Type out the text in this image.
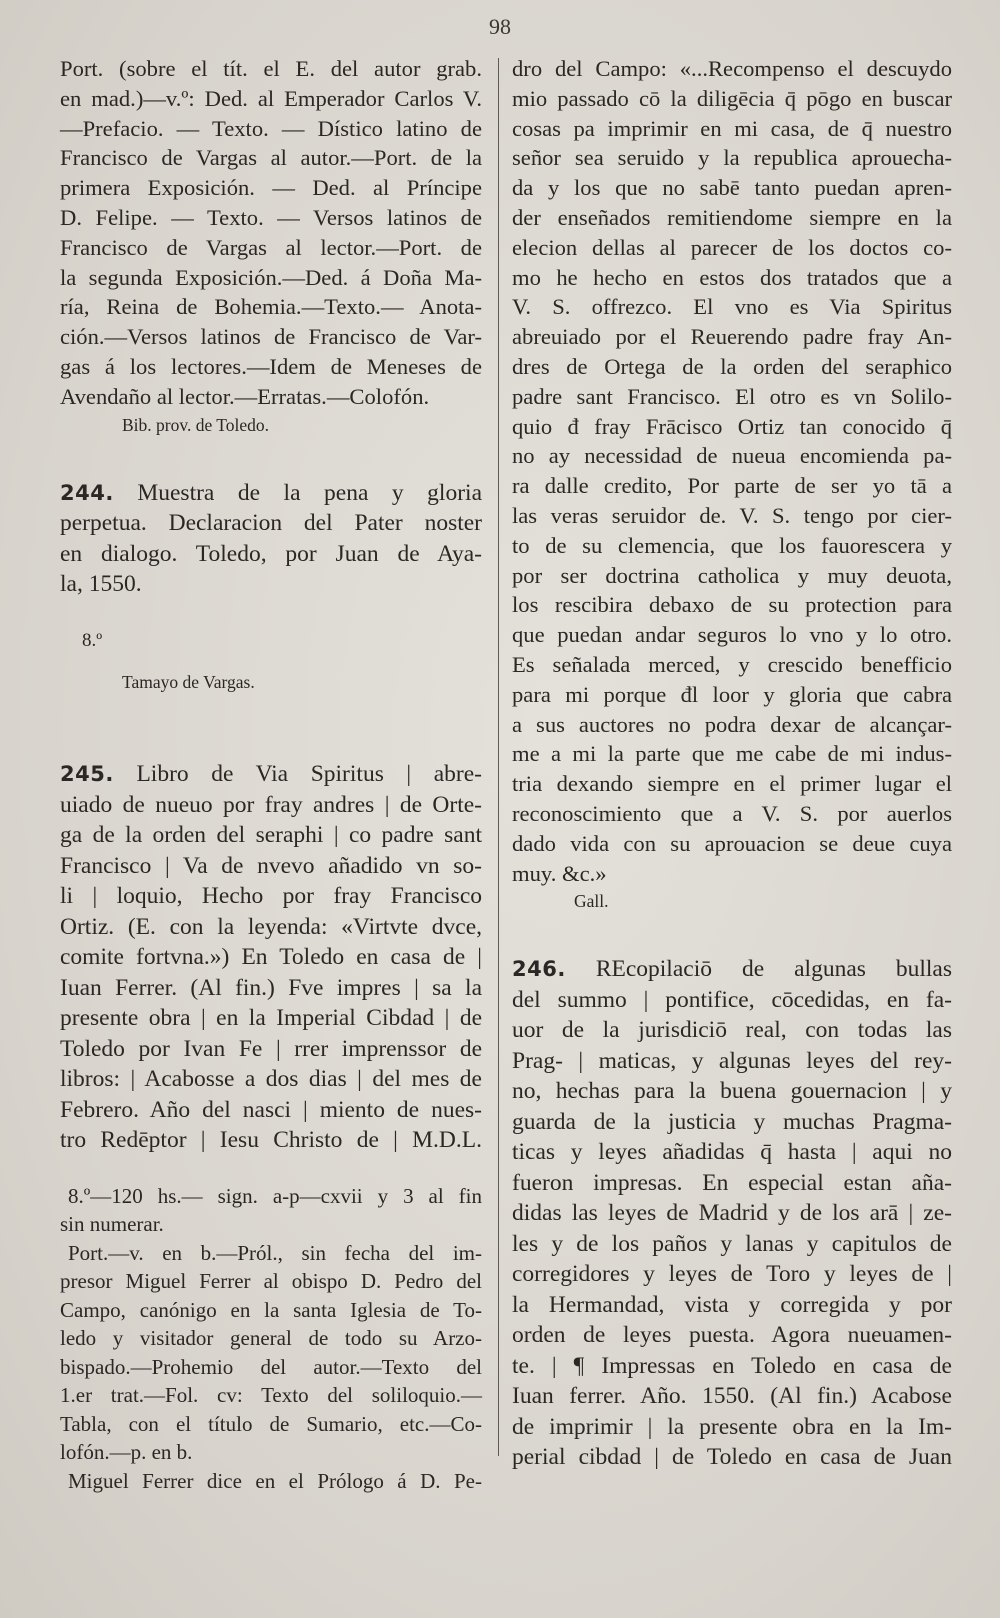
98
Port. (sobre el tít. el E. del autor grab.
en mad.)—v.º: Ded. al Emperador Carlos V.
—Prefacio. — Texto. — Dístico latino de
Francisco de Vargas al autor.—Port. de la
primera Exposición. — Ded. al Príncipe
D. Felipe. — Texto. — Versos latinos de
Francisco de Vargas al lector.—Port. de
la segunda Exposición.—Ded. á Doña Ma-
ría, Reina de Bohemia.—Texto.— Anota-
ción.—Versos latinos de Francisco de Var-
gas á los lectores.—Idem de Meneses de
Avendaño al lector.—Erratas.—Colofón.
Bib. prov. de Toledo.
244. Muestra de la pena y gloria
perpetua. Declaracion del Pater noster
en dialogo. Toledo, por Juan de Aya-
la, 1550.
8.º
Tamayo de Vargas.
245. Libro de Via Spiritus | abre-
uiado de nueuo por fray andres | de Orte-
ga de la orden del seraphi | co padre sant
Francisco | Va de nvevo añadido vn so-
li | loquio, Hecho por fray Francisco
Ortiz. (E. con la leyenda: «Virtvte dvce,
comite fortvna.») En Toledo en casa de |
Iuan Ferrer. (Al fin.) Fve impres | sa la
presente obra | en la Imperial Cibdad | de
Toledo por Ivan Fe | rrer imprenssor de
libros: | Acabosse a dos dias | del mes de
Febrero. Año del nasci | miento de nues-
tro Redēptor | Iesu Christo de | M.D.L.
8.º—120 hs.— sign. a-p—cxvii y 3 al fin
sin numerar.
Port.—v. en b.—Pról., sin fecha del im-
presor Miguel Ferrer al obispo D. Pedro del
Campo, canónigo en la santa Iglesia de To-
ledo y visitador general de todo su Arzo-
bispado.—Prohemio del autor.—Texto del
1.er trat.—Fol. cv: Texto del soliloquio.—
Tabla, con el título de Sumario, etc.—Co-
lofón.—p. en b.
Miguel Ferrer dice en el Prólogo á D. Pe-
dro del Campo: «...Recompenso el descuydo
mio passado cō la diligēcia q̄ pōgo en buscar
cosas pa imprimir en mi casa, de q̄ nuestro
señor sea seruido y la republica aprouecha-
da y los que no sabē tanto puedan apren-
der enseñados remitiendome siempre en la
elecion dellas al parecer de los doctos co-
mo he hecho en estos dos tratados que a
V. S. offrezco. El vno es Via Spiritus
abreuiado por el Reuerendo padre fray An-
dres de Ortega de la orden del seraphico
padre sant Francisco. El otro es vn Solilo-
quio đ fray Frācisco Ortiz tan conocido q̄
no ay necessidad de nueua encomienda pa-
ra dalle credito, Por parte de ser yo tā a
las veras seruidor de. V. S. tengo por cier-
to de su clemencia, que los fauorescera y
por ser doctrina catholica y muy deuota,
los rescibira debaxo de su protection para
que puedan andar seguros lo vno y lo otro.
Es señalada merced, y crescido benefficio
para mi porque đl loor y gloria que cabra
a sus auctores no podra dexar de alcançar-
me a mi la parte que me cabe de mi indus-
tria dexando siempre en el primer lugar el
reconoscimiento que a V. S. por auerlos
dado vida con su aprouacion se deue cuya
muy. &c.»
Gall.
246. REcopilaciō de algunas bullas
del summo | pontifice, cōcedidas, en fa-
uor de la jurisdiciō real, con todas las
Prag- | maticas, y algunas leyes del rey-
no, hechas para la buena gouernacion | y
guarda de la justicia y muchas Pragma-
ticas y leyes añadidas q̄ hasta | aqui no
fueron impresas. En especial estan aña-
didas las leyes de Madrid y de los arā | ze-
les y de los paños y lanas y capitulos de
corregidores y leyes de Toro y leyes de |
la Hermandad, vista y corregida y por
orden de leyes puesta. Agora nueuamen-
te. | ¶ Impressas en Toledo en casa de
Iuan ferrer. Año. 1550. (Al fin.) Acabose
de imprimir | la presente obra en la Im-
perial cibdad | de Toledo en casa de Juan
